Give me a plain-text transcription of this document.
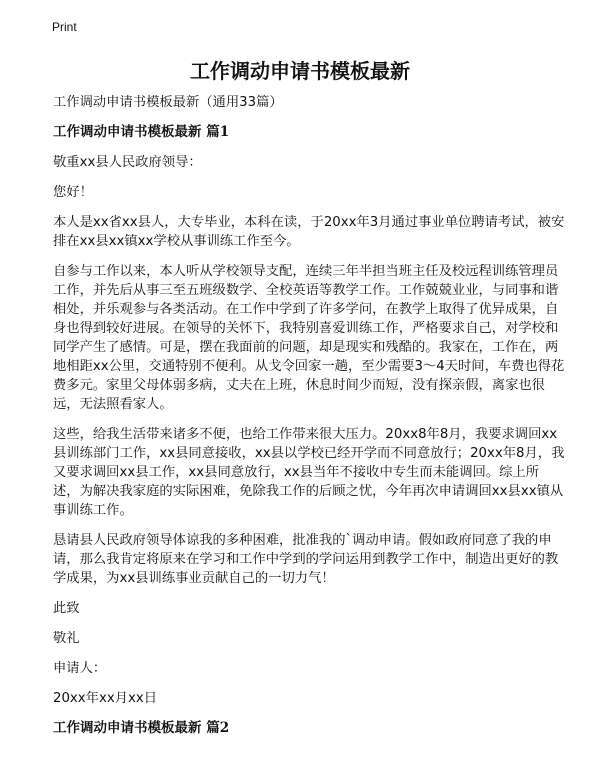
Print
工作调动申请书模板最新

工作调动申请书模板最新（通用33篇）

工作调动申请书模板最新 篇1

敬重xx县人民政府领导：

您好！

本人是xx省xx县人，大专毕业，本科在读，于20xx年3月通过事业单位聘请考试，被安排在xx县xx镇xx学校从事训练工作至今。

自参与工作以来，本人听从学校领导支配，连续三年半担当班主任及校远程训练管理员工作，并先后从事三至五班级数学、全校英语等教学工作。工作兢兢业业，与同事和谐相处，并乐观参与各类活动。在工作中学到了许多学问，在教学上取得了优异成果，自身也得到较好进展。在领导的关怀下，我特别喜爱训练工作，严格要求自己，对学校和同学产生了感情。可是，摆在我面前的问题，却是现实和残酷的。我家在，工作在，两地相距xx公里，交通特别不便利。从戈令回家一趟，至少需要3～4天时间，车费也得花费多元。家里父母体弱多病，丈夫在上班，休息时间少而短，没有探亲假，离家也很远，无法照看家人。

这些，给我生活带来诸多不便，也给工作带来很大压力。20xx8年8月，我要求调回xx县训练部门工作，xx县同意接收，xx县以学校已经开学而不同意放行；20xx年8月，我又要求调回xx县工作，xx县同意放行，xx县当年不接收中专生而未能调回。综上所述，为解决我家庭的实际困难，免除我工作的后顾之忧，今年再次申请调回xx县xx镇从事训练工作。

恳请县人民政府领导体谅我的多种困难，批准我的`调动申请。假如政府同意了我的申请，那么我肯定将原来在学习和工作中学到的学问运用到教学工作中，制造出更好的教学成果，为xx县训练事业贡献自己的一切力气！

此致

敬礼

申请人：

20xx年xx月xx日

工作调动申请书模板最新 篇2
